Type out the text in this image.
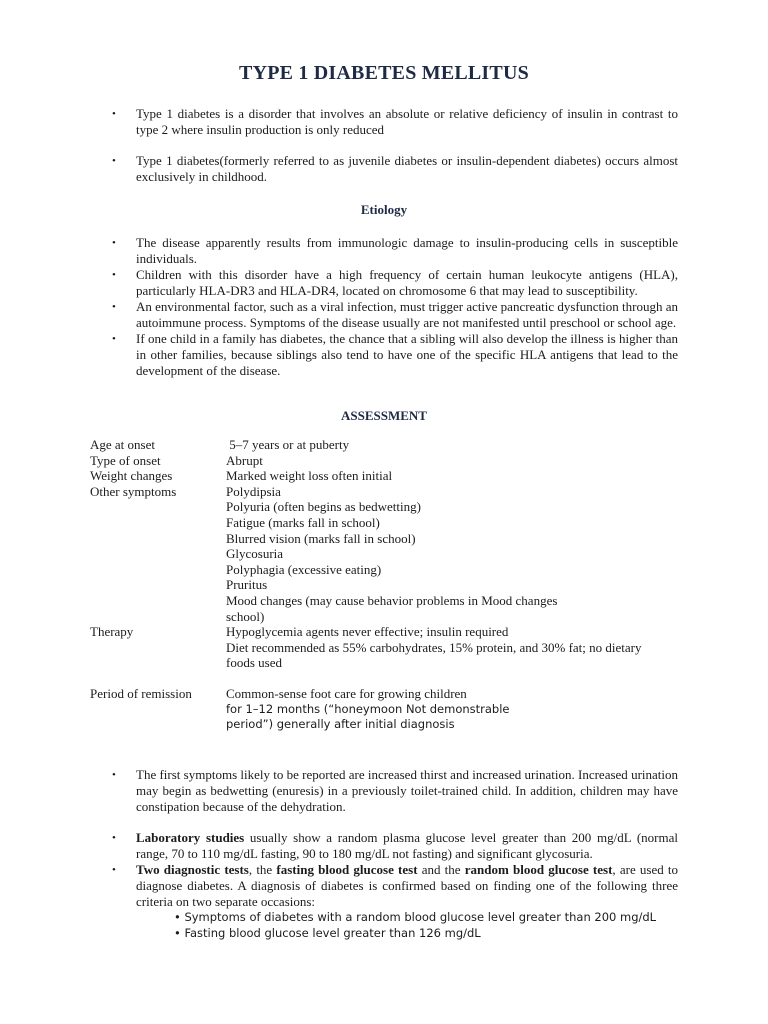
TYPE 1 DIABETES MELLITUS
• Type 1 diabetes is a disorder that involves an absolute or relative deficiency of insulin in contrast to type 2 where insulin production is only reduced
• Type 1 diabetes(formerly referred to as juvenile diabetes or insulin-dependent diabetes) occurs almost exclusively in childhood.
Etiology
• The disease apparently results from immunologic damage to insulin-producing cells in susceptible individuals.
• Children with this disorder have a high frequency of certain human leukocyte antigens (HLA), particularly HLA-DR3 and HLA-DR4, located on chromosome 6 that may lead to susceptibility.
• An environmental factor, such as a viral infection, must trigger active pancreatic dysfunction through an autoimmune process. Symptoms of the disease usually are not manifested until preschool or school age.
• If one child in a family has diabetes, the chance that a sibling will also develop the illness is higher than in other families, because siblings also tend to have one of the specific HLA antigens that lead to the development of the disease.
ASSESSMENT
Age at onset	5–7 years or at puberty
Type of onset	Abrupt
Weight changes	Marked weight loss often initial
Other symptoms	Polydipsia
Polyuria (often begins as bedwetting)
Fatigue (marks fall in school)
Blurred vision (marks fall in school)
Glycosuria
Polyphagia (excessive eating)
Pruritus
Mood changes (may cause behavior problems in Mood changes
school)
Therapy	Hypoglycemia agents never effective; insulin required
Diet recommended as 55% carbohydrates, 15% protein, and 30% fat; no dietary
foods used
Period of remission	Common-sense foot care for growing children
for 1–12 months (“honeymoon Not demonstrable
period”) generally after initial diagnosis
• The first symptoms likely to be reported are increased thirst and increased urination. Increased urination may begin as bedwetting (enuresis) in a previously toilet-trained child. In addition, children may have constipation because of the dehydration.
• Laboratory studies usually show a random plasma glucose level greater than 200 mg/dL (normal range, 70 to 110 mg/dL fasting, 90 to 180 mg/dL not fasting) and significant glycosuria.
• Two diagnostic tests, the fasting blood glucose test and the random blood glucose test, are used to diagnose diabetes. A diagnosis of diabetes is confirmed based on finding one of the following three criteria on two separate occasions:
• Symptoms of diabetes with a random blood glucose level greater than 200 mg/dL
• Fasting blood glucose level greater than 126 mg/dL
